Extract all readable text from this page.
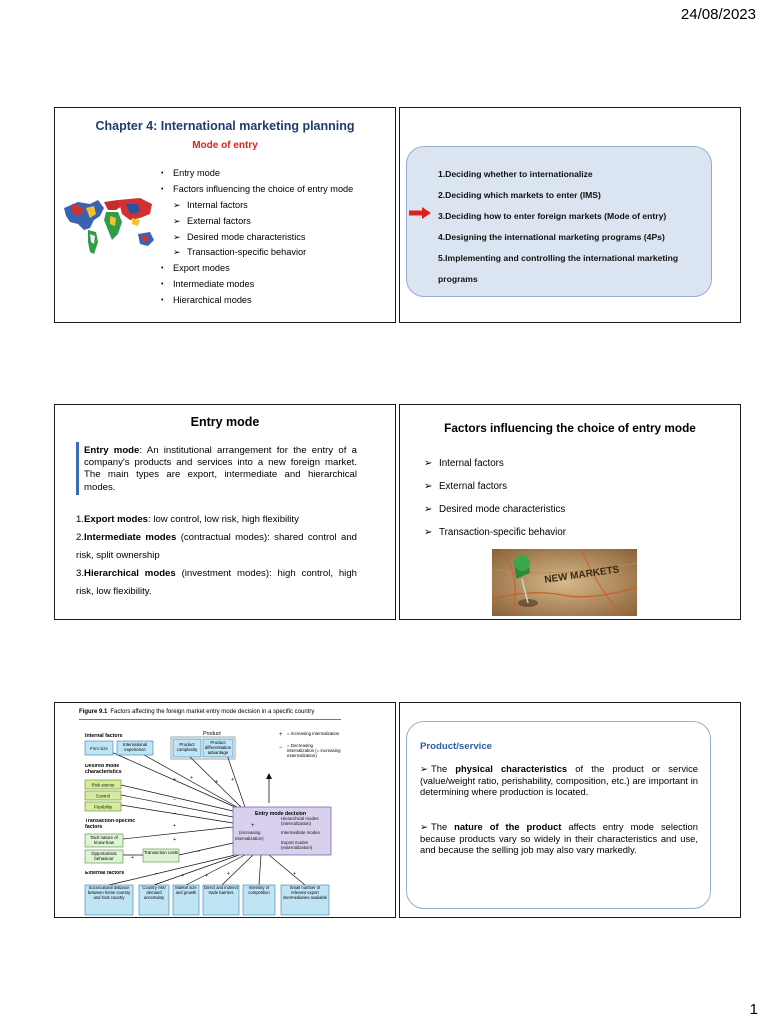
24/08/2023
Chapter 4: International marketing planning
Mode of entry
• Entry mode
• Factors influencing the choice of entry mode
➢ Internal factors
➢ External factors
➢ Desired mode characteristics
➢ Transaction-specific behavior
• Export modes
• Intermediate modes
• Hierarchical modes
1.Deciding whether to internationalize
2.Deciding which markets to enter (IMS)
3.Deciding how to enter foreign markets (Mode of entry)
4.Designing the international marketing programs (4Ps)
5.Implementing and controlling the international marketing
programs
Entry mode
Entry mode: An institutional arrangement for the entry of a company's products and services into a new foreign market. The main types are export, intermediate and hierarchical modes.
1.Export modes: low control, low risk, high flexibility
2.Intermediate modes (contractual modes): shared control and risk, split ownership
3.Hierarchical modes (investment modes): high control, high risk, low flexibility.
Factors influencing the choice of entry mode
➢ Internal factors
➢ External factors
➢ Desired mode characteristics
➢ Transaction-specific behavior
NEW MARKETS
Figure 9.1 Factors affecting the foreign market entry mode decision in a specific country
+	+
+ +
−
−
+
+
+
−
−	+	+	+	+
Internal factors	Product
Firm size
International experience
Product complexity
Product differentiation advantage
+ = Increasing internalization
− = Decreasing internalization (= increasing externalization)
Desired mode characteristics
Risk averse
Control
Flexibility
Transaction-specific factors
Tacit nature of know-how
Opportunistic behaviour
Transaction costs
Entry mode decision
+
(increasing
internalization)
Hierarchical modes
(internalization)
Intermediate modes
Export modes
(externalization)
External factors
Sociocultural distance between home country and host country
Country risk/ demand uncertainty
Market size and growth
Direct and indirect trade barriers
Intensity of competition
Small number of relevant export intermediaries available
Product/service
➢ The physical characteristics of the product or service (value/weight ratio, perishability, composition, etc.) are important in determining where production is located.
➢ The nature of the product affects entry mode selection because products vary so widely in their characteristics and use, and because the selling job may also vary markedly.
1
